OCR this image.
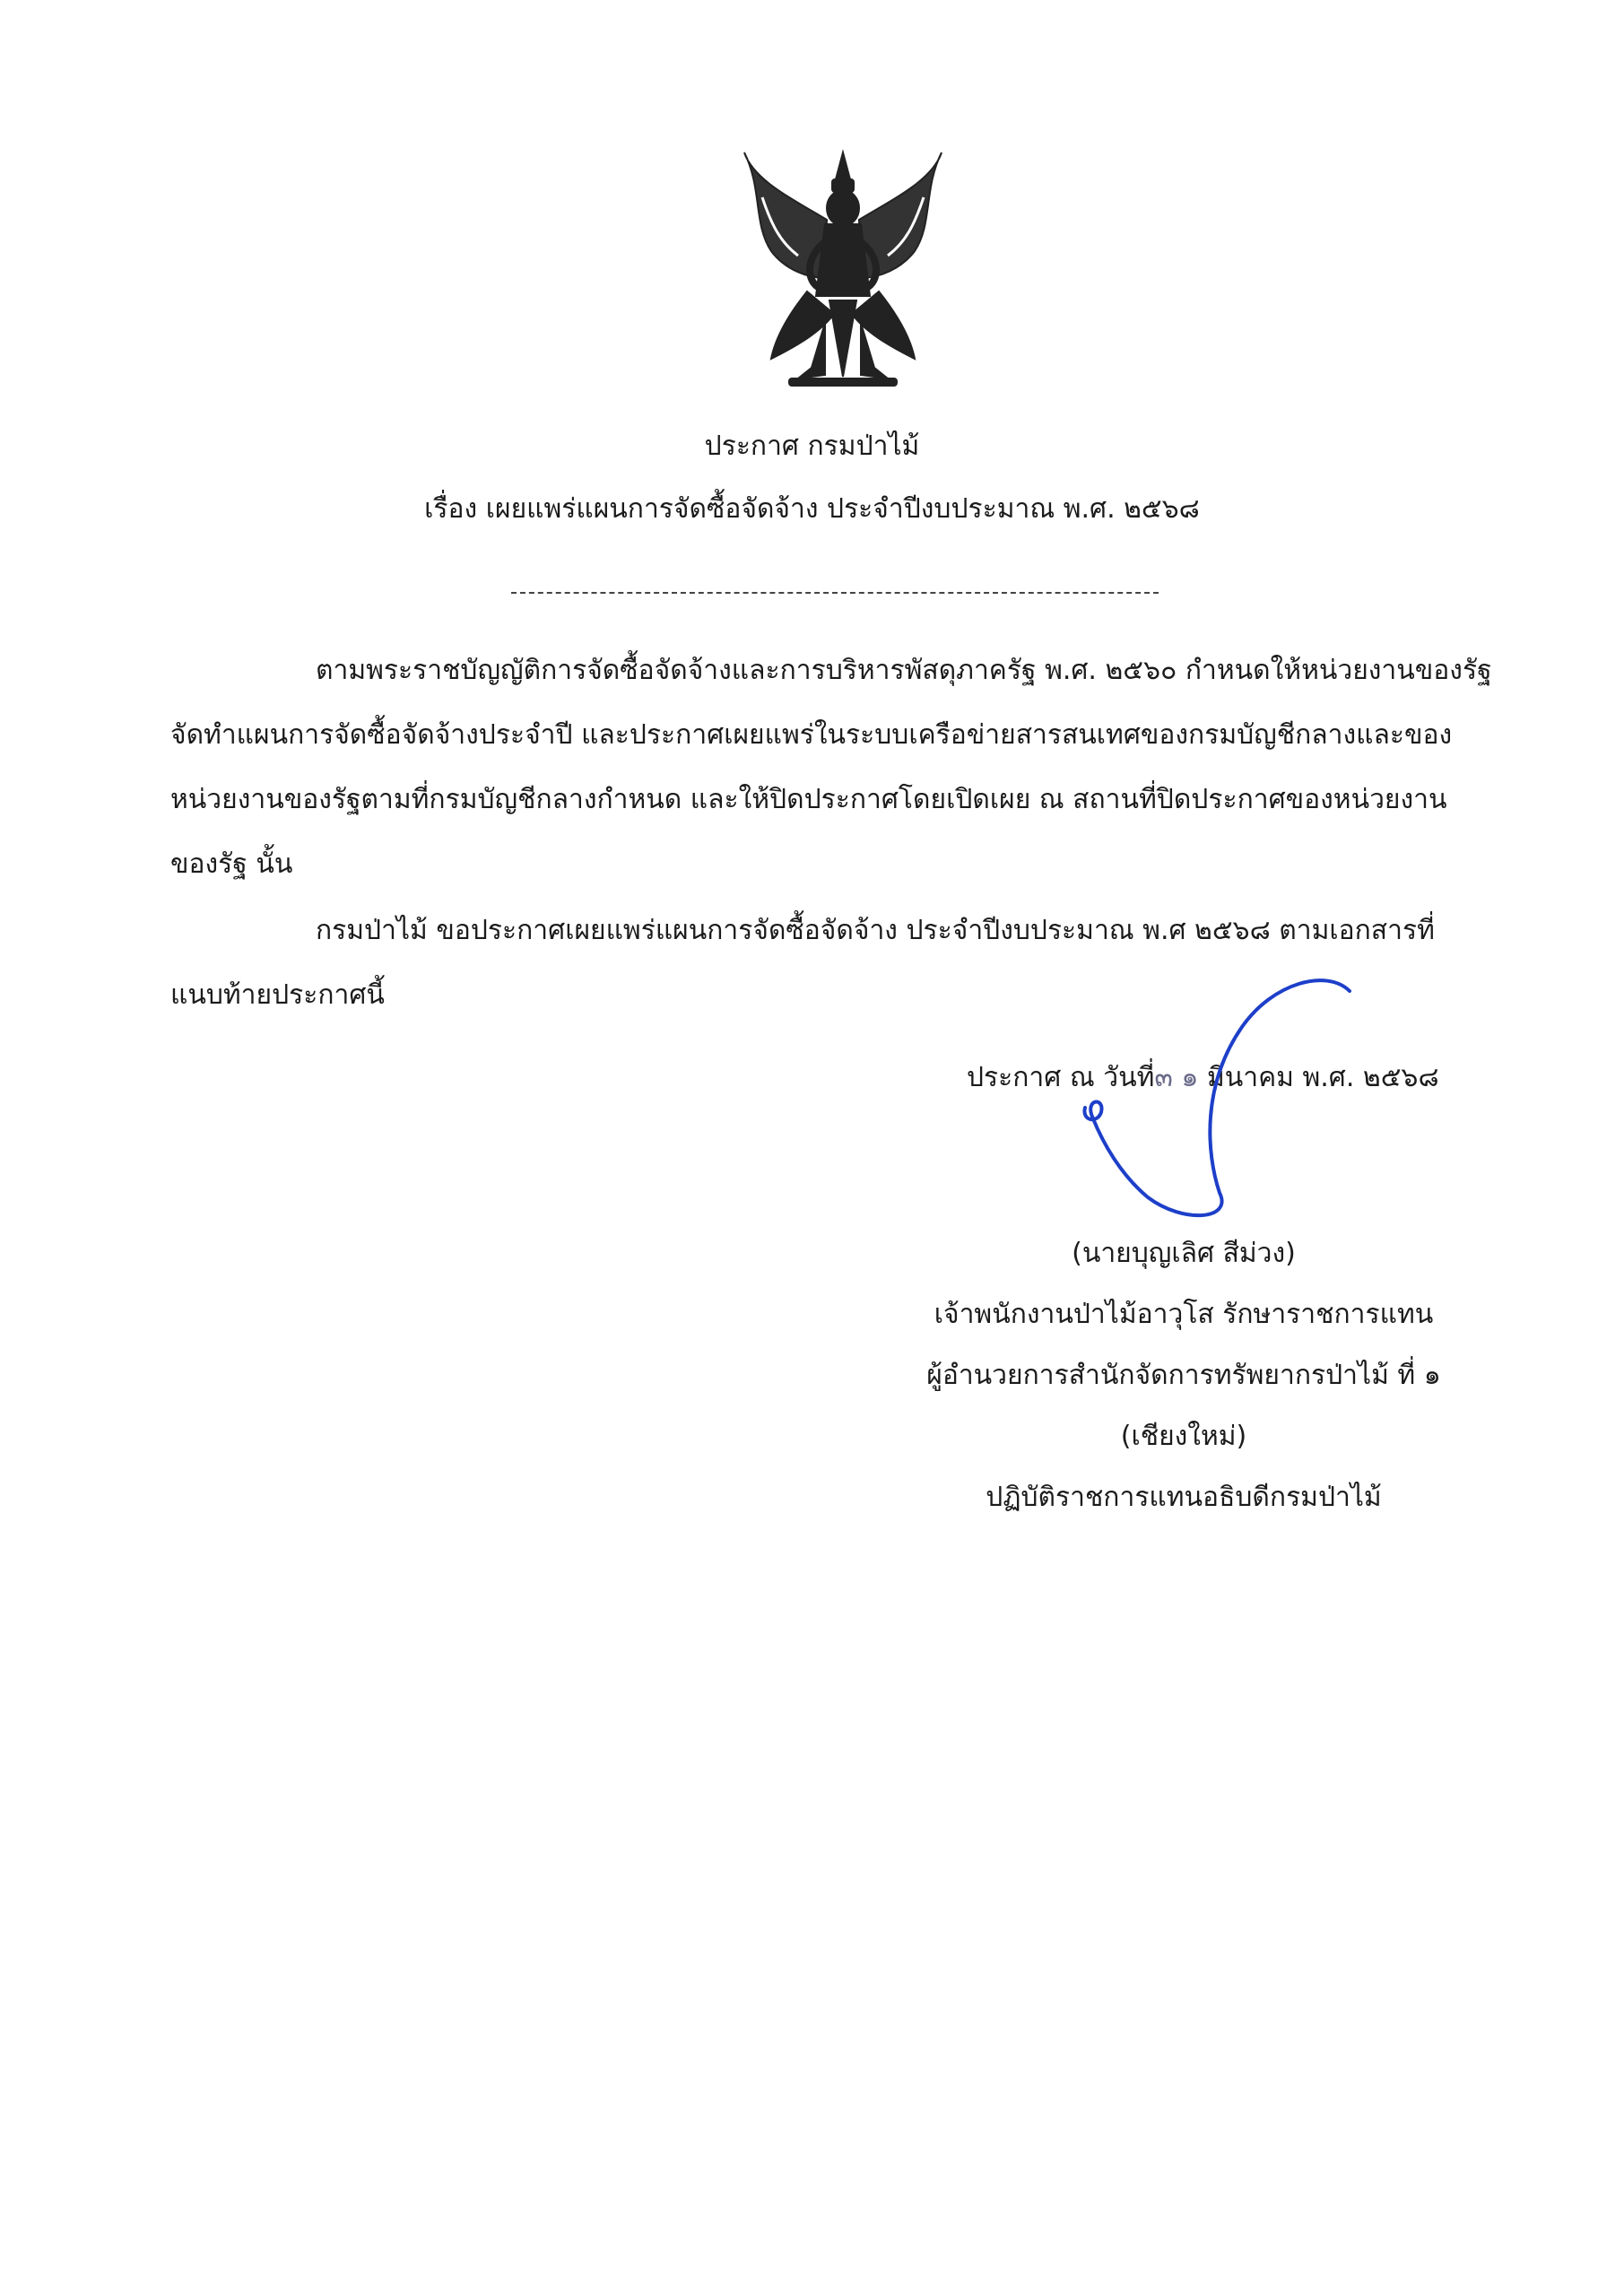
ประกาศ กรมป่าไม้
เรื่อง เผยแพร่แผนการจัดซื้อจัดจ้าง ประจำปีงบประมาณ พ.ศ. ๒๕๖๘
ตามพระราชบัญญัติการจัดซื้อจัดจ้างและการบริหารพัสดุภาครัฐ พ.ศ. ๒๕๖๐ กำหนดให้หน่วยงานของรัฐ
จัดทำแผนการจัดซื้อจัดจ้างประจำปี และประกาศเผยแพร่ในระบบเครือข่ายสารสนเทศของกรมบัญชีกลางและของ
หน่วยงานของรัฐตามที่กรมบัญชีกลางกำหนด และให้ปิดประกาศโดยเปิดเผย ณ สถานที่ปิดประกาศของหน่วยงาน
ของรัฐ นั้น
กรมป่าไม้ ขอประกาศเผยแพร่แผนการจัดซื้อจัดจ้าง ประจำปีงบประมาณ พ.ศ ๒๕๖๘ ตามเอกสารที่
แนบท้ายประกาศนี้
ประกาศ ณ วันที่๓ ๑ มีนาคม พ.ศ. ๒๕๖๘
(นายบุญเลิศ สีม่วง)
เจ้าพนักงานป่าไม้อาวุโส รักษาราชการแทน
ผู้อำนวยการสำนักจัดการทรัพยากรป่าไม้ ที่ ๑
(เชียงใหม่)
ปฏิบัติราชการแทนอธิบดีกรมป่าไม้
